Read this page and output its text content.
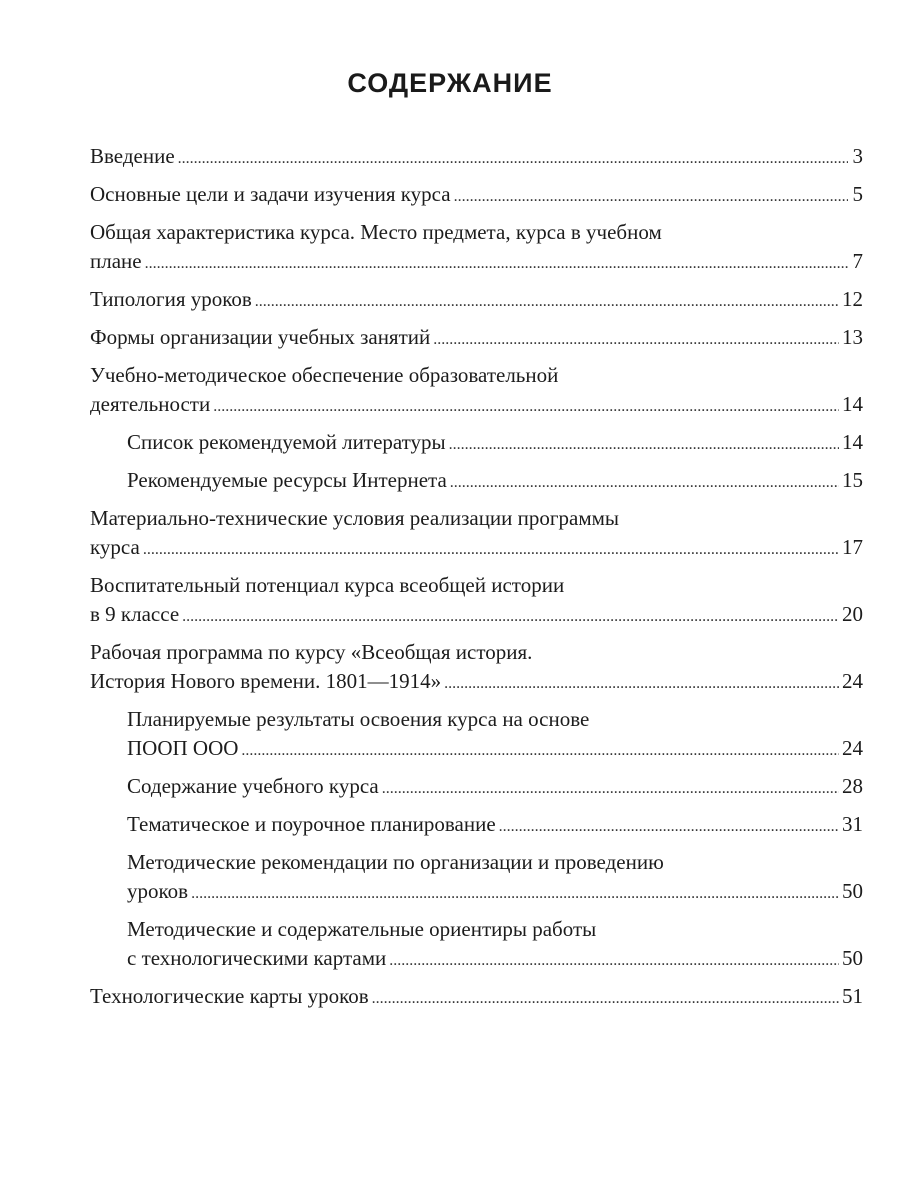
СОДЕРЖАНИЕ
Введение . . .	3
Основные цели и задачи изучения курса . . .	5
Общая характеристика курса. Место предмета, курса в учебном
плане . . .	7
Типология уроков . . .	12
Формы организации учебных занятий . . .	13
Учебно-методическое обеспечение образовательной
деятельности . . .	14
Список рекомендуемой литературы . . .	14
Рекомендуемые ресурсы Интернета . . .	15
Материально-технические условия реализации программы
курса . . .	17
Воспитательный потенциал курса всеобщей истории
в 9 классе . . .	20
Рабочая программа по курсу «Всеобщая история.
История Нового времени. 1801—1914» . . .	24
Планируемые результаты освоения курса на основе
ПООП ООО . . .	24
Содержание учебного курса . . .	28
Тематическое и поурочное планирование . . .	31
Методические рекомендации по организации и проведению
уроков . . .	50
Методические и содержательные ориентиры работы
с технологическими картами . . .	50
Технологические карты уроков . . .	51
